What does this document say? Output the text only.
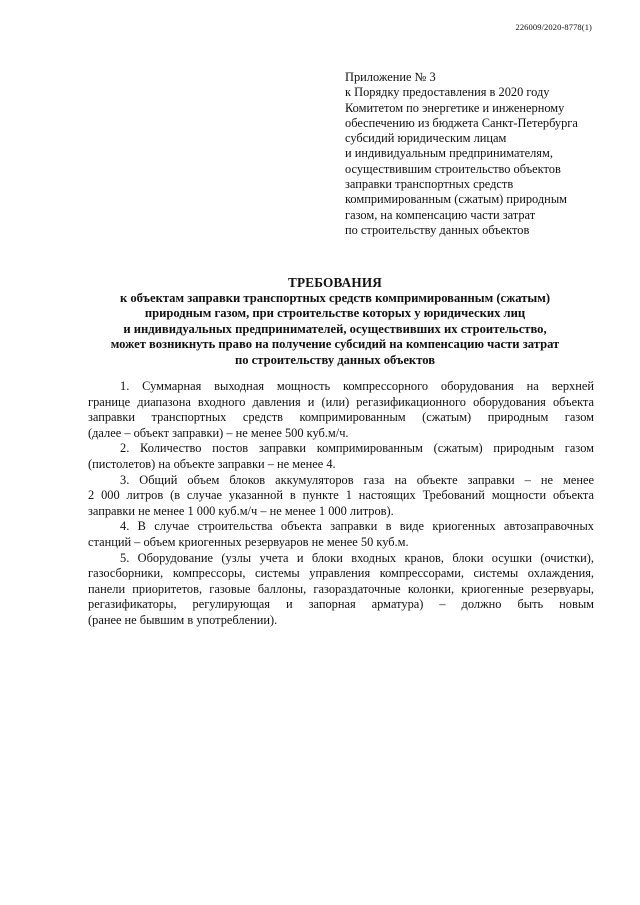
226009/2020-8778(1)
Приложение № 3
к Порядку предоставления в 2020 году
Комитетом по энергетике и инженерному
обеспечению из бюджета Санкт-Петербурга
субсидий юридическим лицам
и индивидуальным предпринимателям,
осуществившим строительство объектов
заправки транспортных средств
компримированным (сжатым) природным
газом, на компенсацию части затрат
по строительству данных объектов
ТРЕБОВАНИЯ
к объектам заправки транспортных средств компримированным (сжатым)
природным газом, при строительстве которых у юридических лиц
и индивидуальных предпринимателей, осуществивших их строительство,
может возникнуть право на получение субсидий на компенсацию части затрат
по строительству данных объектов
1. Суммарная выходная мощность компрессорного оборудования на верхней
границе диапазона входного давления и (или) регазификационного оборудования объекта
заправки транспортных средств компримированным (сжатым) природным газом
(далее – объект заправки) – не менее 500 куб.м/ч.
2. Количество постов заправки компримированным (сжатым) природным газом
(пистолетов) на объекте заправки – не менее 4.
3. Общий объем блоков аккумуляторов газа на объекте заправки – не менее
2 000 литров (в случае указанной в пункте 1 настоящих Требований мощности объекта
заправки не менее 1 000 куб.м/ч – не менее 1 000 литров).
4. В случае строительства объекта заправки в виде криогенных автозаправочных
станций – объем криогенных резервуаров не менее 50 куб.м.
5. Оборудование (узлы учета и блоки входных кранов, блоки осушки (очистки),
газосборники, компрессоры, системы управления компрессорами, системы охлаждения,
панели приоритетов, газовые баллоны, газораздаточные колонки, криогенные резервуары,
регазификаторы, регулирующая и запорная арматура) – должно быть новым
(ранее не бывшим в употреблении).
